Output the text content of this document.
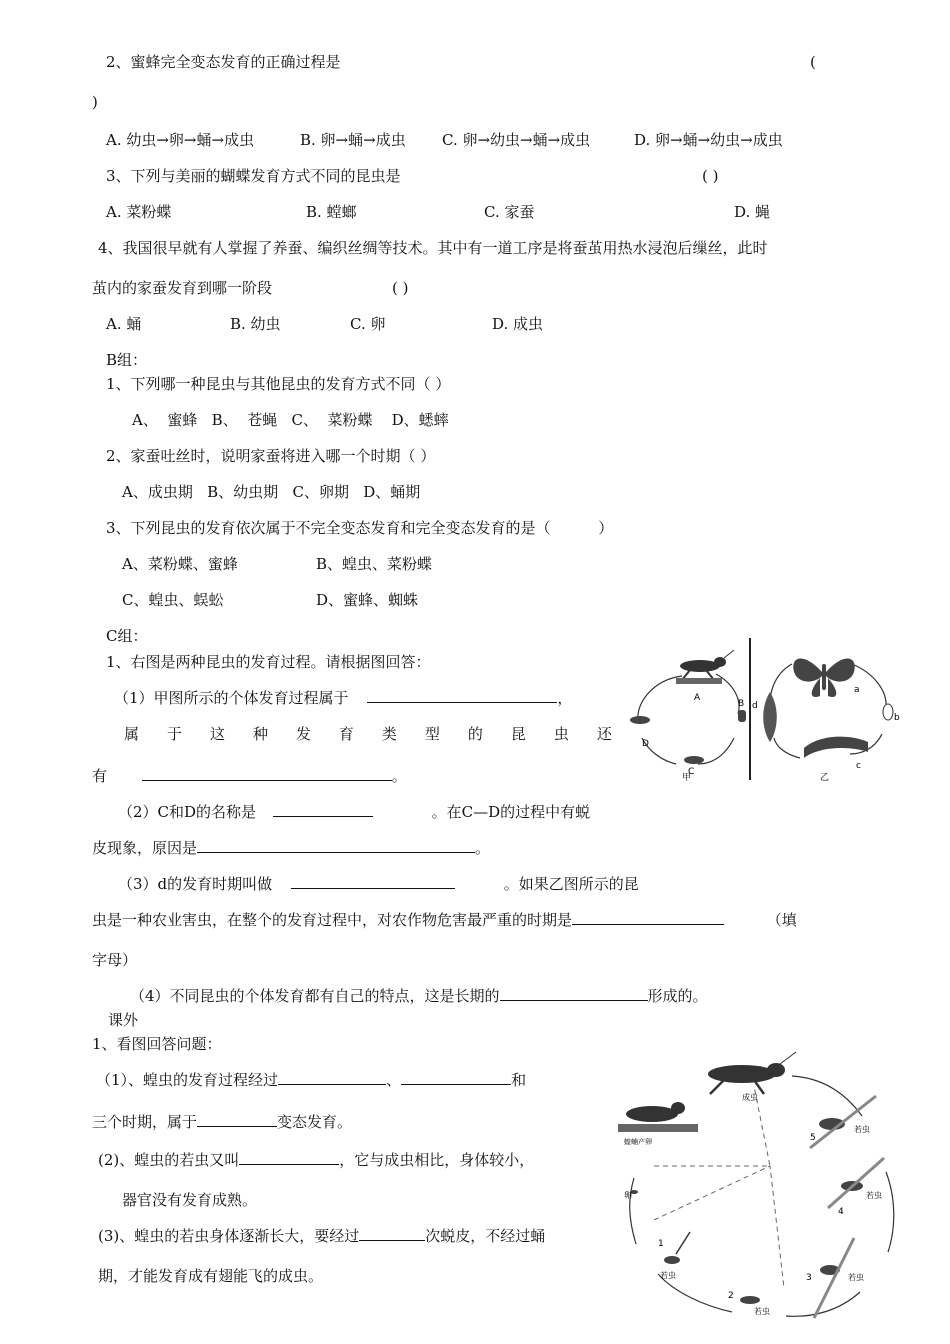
2、蜜蜂完全变态发育的正确过程是	(
)
A. 幼虫→卵→蛹→成虫	B. 卵→蛹→成虫 C. 卵→幼虫→蛹→成虫	D. 卵→蛹→幼虫→成虫
3、下列与美丽的蝴蝶发育方式不同的昆虫是	( )
A. 菜粉蝶	B. 螳螂	C. 家蚕	D. 蝇
4、我国很早就有人掌握了养蚕、编织丝绸等技术。其中有一道工序是将蚕茧用热水浸泡后缫丝，此时
茧内的家蚕发育到哪一阶段	( )
A. 蛹	B. 幼虫	C. 卵	D. 成虫
B组：
1、下列哪一种昆虫与其他昆虫的发育方式不同（ ）
A、  蜜蜂   B、  苍蝇   C、  菜粉蝶    D、蟋蟀
2、家蚕吐丝时，说明家蚕将进入哪一个时期（ ）
A、成虫期   B、幼虫期   C、卵期   D、蛹期
3、下列昆虫的发育依次属于不完全变态发育和完全变态发育的是（          ）
A、菜粉蝶、蜜蜂	B、蝗虫、菜粉蝶
C、蝗虫、蜈蚣	D、蜜蜂、蜘蛛
C组：
1、右图是两种昆虫的发育过程。请根据图回答：
（1）甲图所示的个体发育过程属于	，
属 于 这 种 发 育 类 型 的 昆 虫 还
有	。
（2）C和D的名称是	。在C—D的过程中有蜕
皮现象，原因是	。
（3）d的发育时期叫做	。如果乙图所示的昆
虫是一种农业害虫，在整个的发育过程中，对农作物危害最严重的时期是	（填
字母）
（4）不同昆虫的个体发育都有自己的特点，这是长期的	形成的。
A
B
C
D
甲
a
b
c
d
乙
课外
1、看图回答问题：
（1）、蝗虫的发育过程经过	、	和
三个时期，属于	变态发育。
(2)、蝗虫的若虫又叫	，它与成虫相比，身体较小，
器官没有发育成熟。
(3)、蝗虫的若虫身体逐渐长大，要经过	次蜕皮，不经过蛹
期，才能发育成有翅能飞的成虫。
成虫
蝗蝻产卵
卵
若虫
若虫
若虫
若虫
若虫
1
2
3
4
5
